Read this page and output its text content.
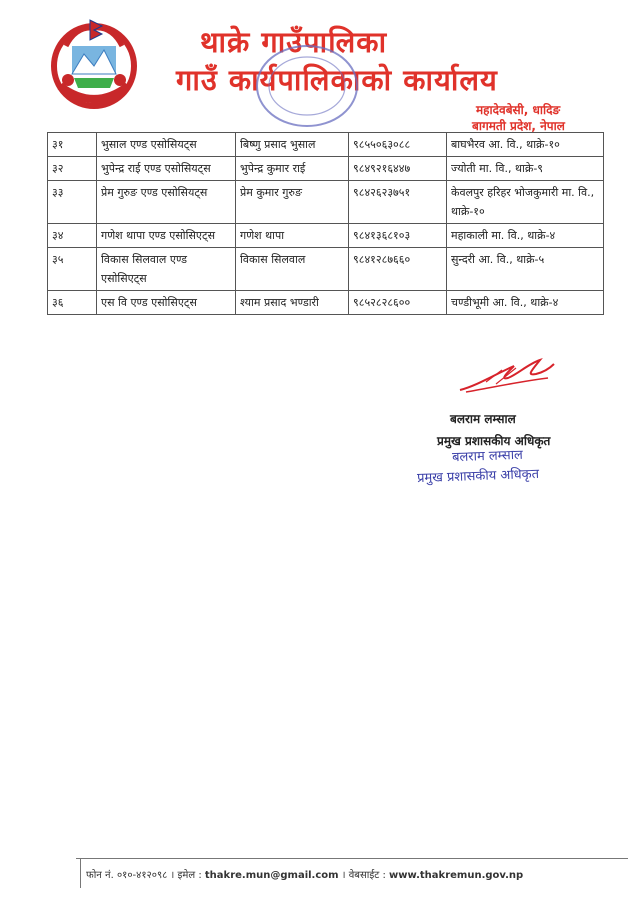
थाक्रे गाउँपालिका
गाउँ कार्यपालिकाको कार्यालय
महादेवबेसी, धादिङ
बागमती प्रदेश, नेपाल
३१	भुसाल एण्ड एसोसियट्स	बिष्णु प्रसाद भुसाल	९८५५०६३०८८	बाघभैरव आ. वि., थाक्रे-१०
३२	भुपेन्द्र राई एण्ड एसोसियट्स	भुपेन्द्र कुमार राई	९८४९२१६४४७	ज्योती मा. वि., थाक्रे-९
३३	प्रेम गुरुङ एण्ड एसोसियट्स	प्रेम कुमार गुरुङ	९८४२६२३७५१	केवलपुर हरिहर भोजकुमारी मा. वि., थाक्रे-१०
३४	गणेश थापा एण्ड एसोसिएट्स	गणेश थापा	९८४१३६८१०३	महाकाली मा. वि., थाक्रे-४
३५	विकास सिलवाल एण्ड एसोसिएट्स	विकास सिलवाल	९८४१२८७६६०	सुन्दरी आ. वि., थाक्रे-५
३६	एस वि एण्ड एसोसिएट्स	श्याम प्रसाद भण्डारी	९८५२८२८६००	चण्डीभूमी आ. वि., थाक्रे-४
बलराम लम्साल
प्रमुख प्रशासकीय अधिकृत
बलराम लम्साल
प्रमुख प्रशासकीय अधिकृत
फोन नं. ०१०-४१२०९८ । इमेल : thakre.mun@gmail.com । वेबसाईट : www.thakremun.gov.np
